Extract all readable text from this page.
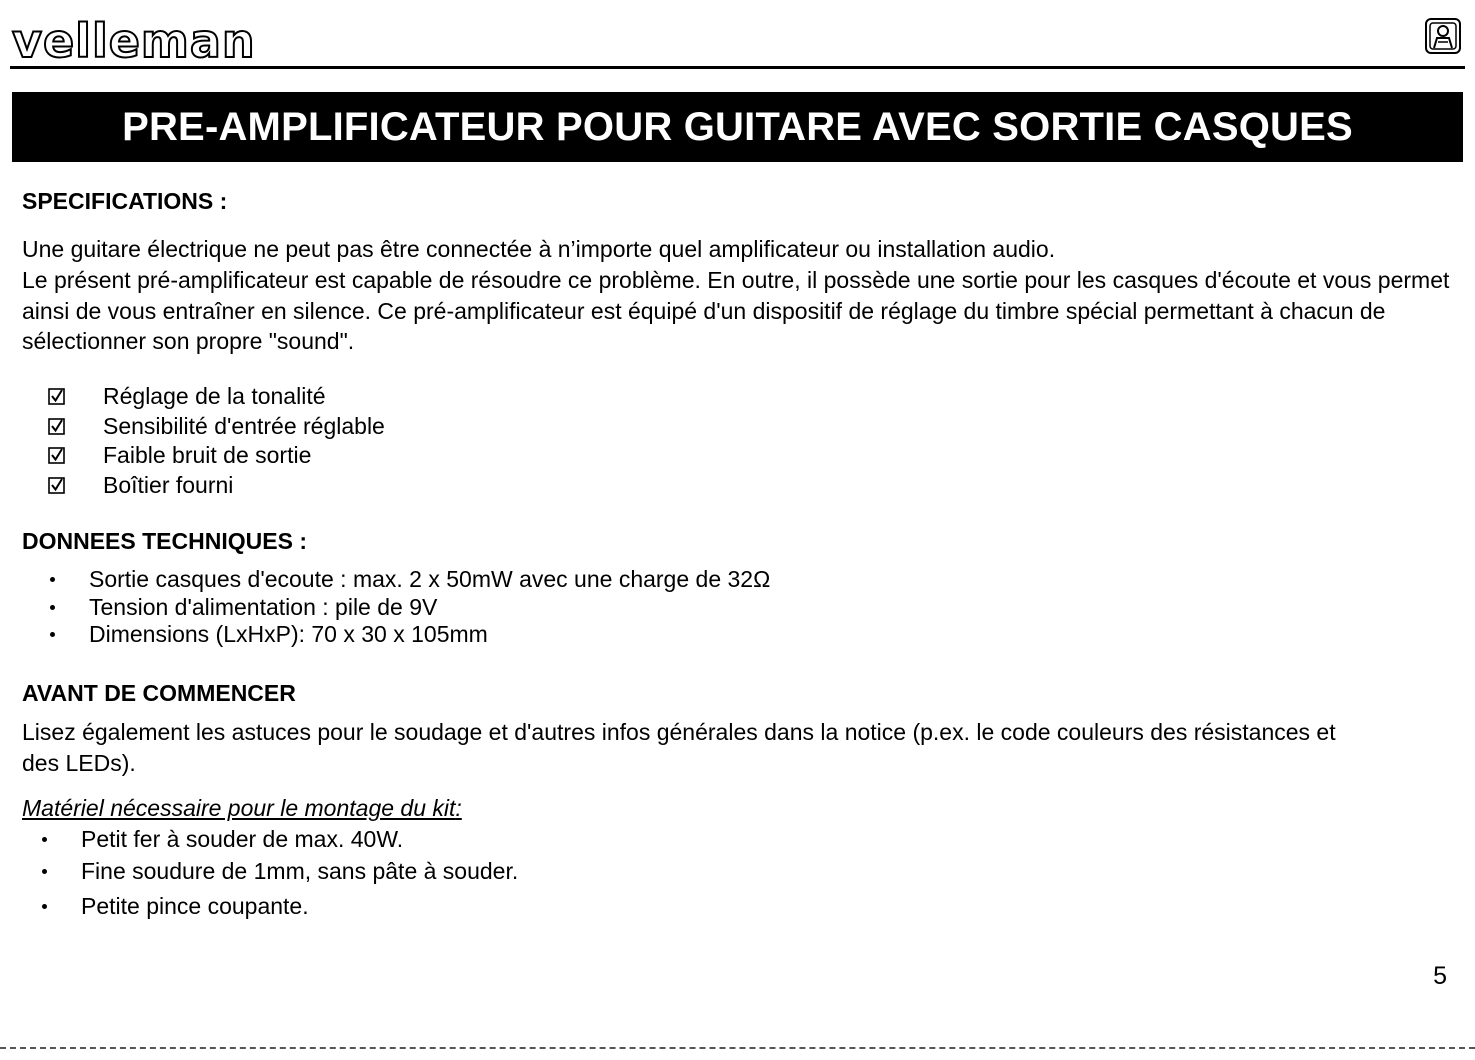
velleman
PRE-AMPLIFICATEUR POUR GUITARE AVEC SORTIE CASQUES
SPECIFICATIONS :

Une guitare électrique ne peut pas être connectée à n’importe quel amplificateur ou installation audio.

Le présent pré-amplificateur est capable de résoudre ce problème. En outre, il possède une sortie pour les casques d'écoute et vous permet ainsi de vous entraîner en silence. Ce pré-amplificateur est équipé d'un dispositif de réglage du timbre spécial permettant à chacun de sélectionner son propre "sound".

Réglage de la tonalité
Sensibilité d'entrée réglable
Faible bruit de sortie
Boîtier fourni
DONNEES TECHNIQUES :
Sortie casques d'ecoute : max. 2 x 50mW avec une charge de 32Ω
Tension d'alimentation : pile de 9V
Dimensions (LxHxP): 70 x 30 x 105mm
AVANT DE COMMENCER

Lisez également les astuces pour le soudage et d'autres infos générales dans la notice (p.ex. le code couleurs des résistances et des LEDs).

Matériel nécessaire pour le montage du kit:
Petit fer à souder de max. 40W.
Fine soudure de 1mm, sans pâte à souder.
Petite pince coupante.
5
